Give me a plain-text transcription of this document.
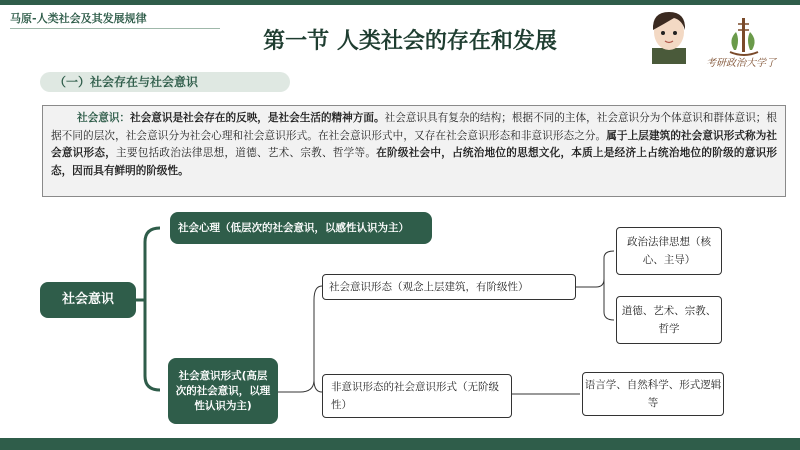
马原-人类社会及其发展规律
第一节 人类社会的存在和发展
考研政治大学了
（一）社会存在与社会意识
社会意识：社会意识是社会存在的反映，是社会生活的精神方面。社会意识具有复杂的结构；根据不同的主体，社会意识分为个体意识和群体意识；根据不同的层次，社会意识分为社会心理和社会意识形式。在社会意识形式中，又存在社会意识形态和非意识形态之分。属于上层建筑的社会意识形式称为社会意识形态，主要包括政治法律思想，道德、艺术、宗教、哲学等。在阶级社会中，占统治地位的思想文化，本质上是经济上占统治地位的阶级的意识形态，因而具有鲜明的阶级性。
社会意识
社会心理（低层次的社会意识，以感性认识为主）
社会意识形式(高层次的社会意识，以理性认识为主)
社会意识形态（观念上层建筑，有阶级性）
非意识形态的社会意识形式（无阶级性）
政治法律思想（核心、主导）
道德、艺术、宗教、哲学
语言学、自然科学、形式逻辑等
